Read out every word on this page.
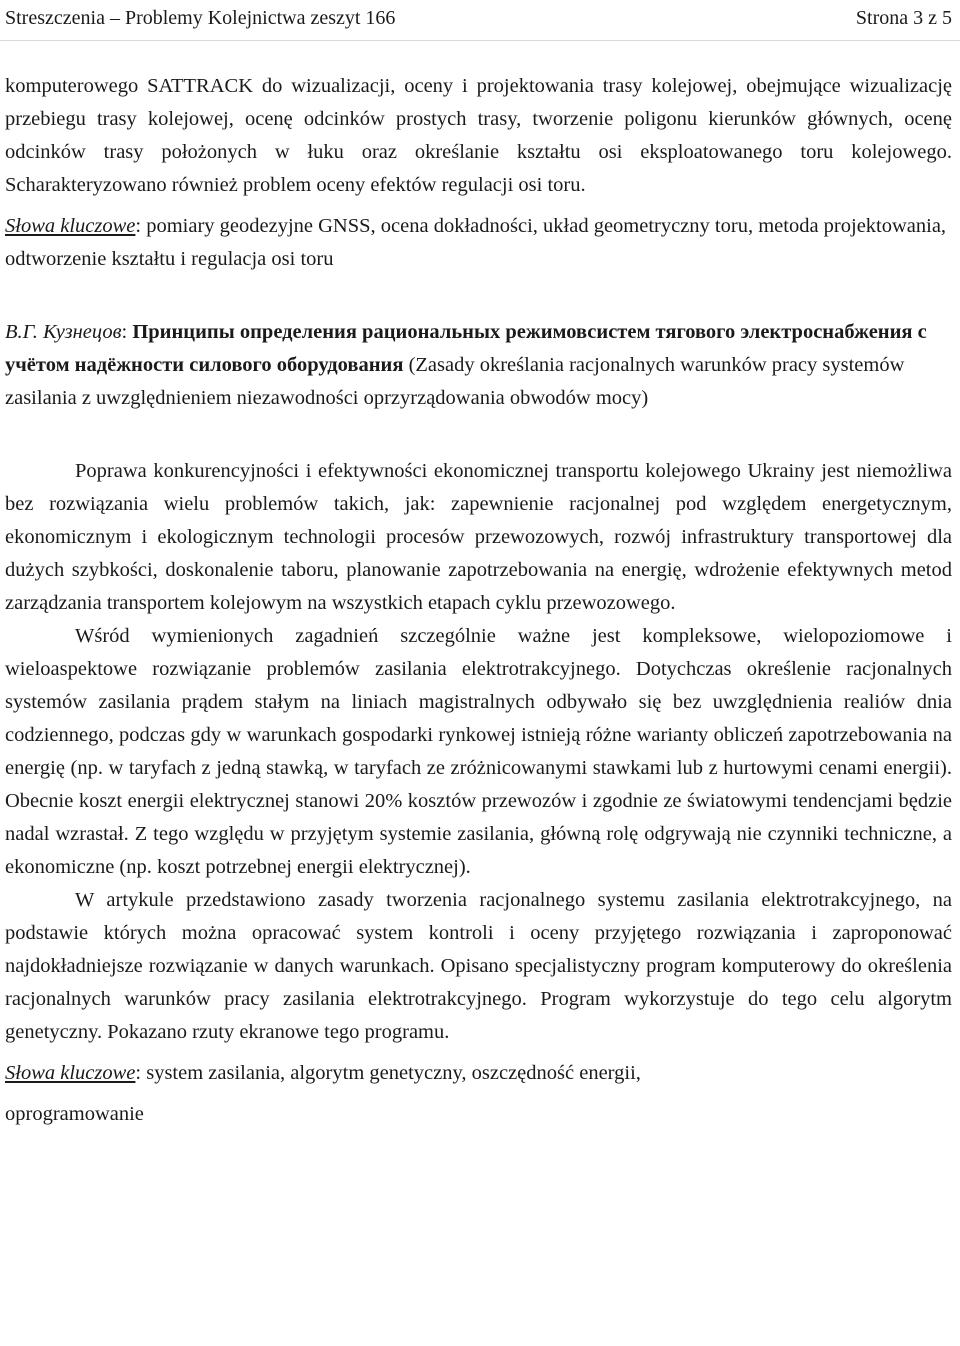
Streszczenia – Problemy Kolejnictwa zeszyt 166	Strona 3 z 5

komputerowego SATTRACK do wizualizacji, oceny i projektowania trasy kolejowej, obejmujące wizualizację przebiegu trasy kolejowej, ocenę odcinków prostych trasy, tworzenie poligonu kierunków głównych, ocenę odcinków trasy położonych w łuku oraz określanie kształtu osi eksploatowanego toru kolejowego. Scharakteryzowano również problem oceny efektów regulacji osi toru.

Słowa kluczowe: pomiary geodezyjne GNSS, ocena dokładności, układ geometryczny toru, metoda projektowania, odtworzenie kształtu i regulacja osi toru

В.Г. Кузнецов: Принципы определения рациональных режимовсистем тягового электроснабжения с учётом надёжности силового оборудования (Zasady określania racjonalnych warunków pracy systemów zasilania z uwzględnieniem niezawodności oprzyrządowania obwodów mocy)

Poprawa konkurencyjności i efektywności ekonomicznej transportu kolejowego Ukrainy jest niemożliwa bez rozwiązania wielu problemów takich, jak: zapewnienie racjonalnej pod względem energetycznym, ekonomicznym i ekologicznym technologii procesów przewozowych, rozwój infrastruktury transportowej dla dużych szybkości, doskonalenie taboru, planowanie zapotrzebowania na energię, wdrożenie efektywnych metod zarządzania transportem kolejowym na wszystkich etapach cyklu przewozowego.

Wśród wymienionych zagadnień szczególnie ważne jest kompleksowe, wielopoziomowe i wieloaspektowe rozwiązanie problemów zasilania elektrotrakcyjnego. Dotychczas określenie racjonalnych systemów zasilania prądem stałym na liniach magistralnych odbywało się bez uwzględnienia realiów dnia codziennego, podczas gdy w warunkach gospodarki rynkowej istnieją różne warianty obliczeń zapotrzebowania na energię (np. w taryfach z jedną stawką, w taryfach ze zróżnicowanymi stawkami lub z hurtowymi cenami energii). Obecnie koszt energii elektrycznej stanowi 20% kosztów przewozów i zgodnie ze światowymi tendencjami będzie nadal wzrastał. Z tego względu w przyjętym systemie zasilania, główną rolę odgrywają nie czynniki techniczne, a ekonomiczne (np. koszt potrzebnej energii elektrycznej).

W artykule przedstawiono zasady tworzenia racjonalnego systemu zasilania elektrotrakcyjnego, na podstawie których można opracować system kontroli i oceny przyjętego rozwiązania i zaproponować najdokładniejsze rozwiązanie w danych warunkach. Opisano specjalistyczny program komputerowy do określenia racjonalnych warunków pracy zasilania elektrotrakcyjnego. Program wykorzystuje do tego celu algorytm genetyczny. Pokazano rzuty ekranowe tego programu.

Słowa kluczowe: system zasilania, algorytm genetyczny, oszczędność energii,

oprogramowanie
